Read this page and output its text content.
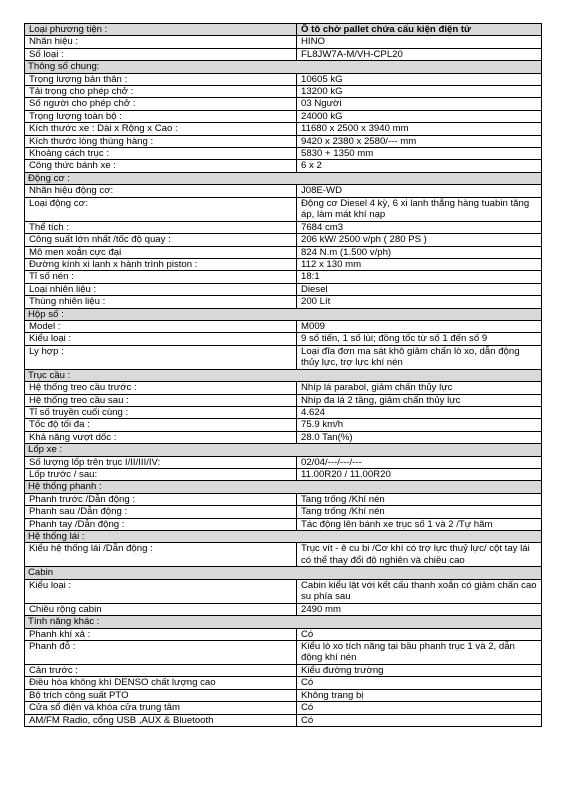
Loại phương tiện :	Ô tô chở pallet chứa cấu kiện điện tử
Nhãn hiệu :	HINO
Số loại :	FL8JW7A-M/VH-CPL20
Thông số chung:	
Trọng lượng bản thân :	10605 kG
Tải trọng cho phép chở :	13200 kG
Số người cho phép chở :	03 Người
Trọng lượng toàn bộ :	24000 kG
Kích thước xe : Dài x Rộng x Cao :	11680 x 2500 x 3940 mm
Kích thước lòng thùng hàng :	9420 x 2380 x 2580/--- mm
Khoảng cách trục :	5830 + 1350 mm
Công thức bánh xe :	6 x 2
Động cơ :	
Nhãn hiệu động cơ:	J08E-WD
Loại động cơ:	Động cơ Diesel 4 kỳ, 6 xi lanh thẳng hàng tuabin tăng áp, làm mát khí nạp
Thể tích :	7684 cm3
Công suất lớn nhất /tốc độ quay :	206 kW/ 2500 v/ph ( 280 PS )
Mô men xoắn cực đại	824 N.m (1.500 v/ph)
Đường kính xi lanh x hành trình piston :	112 x 130 mm
Tỉ số nén :	18:1
Loại nhiên liệu :	Diesel
Thùng nhiên liệu :	200 Lít
Hộp số :	
Model :	M009
Kiểu loại :	9 số tiến, 1 số lùi; đồng tốc từ số 1 đến số 9
Ly hợp :	Loại đĩa đơn ma sát khô giảm chấn lò xo, dẫn động thủy lực, trợ lực khí nén
Trục cầu :	
Hệ thống treo cầu trước :	Nhíp lá parabol, giảm chấn thủy lực
Hệ thống treo cầu sau :	Nhíp đa lá 2 tầng, giảm chấn thủy lực
Tỉ số truyền cuối cùng :	4.624
Tốc độ tối đa :	75.9 km/h
Khả năng vượt dốc :	28.0 Tan(%)
Lốp xe :	
Số lượng lốp trên trục I/II/III/IV:	02/04/---/---/---
Lốp trước / sau:	11.00R20 / 11.00R20
Hệ thống phanh :	
Phanh trước /Dẫn động :	Tang trống /Khí nén
Phanh sau /Dẫn động :	Tang trống /Khí nén
Phanh tay /Dẫn động :	Tác động lên bánh xe trục số 1 và 2 /Tự hãm
Hệ thống lái :	
Kiểu hệ thống lái /Dẫn động :	Trục vít - ê cu bi /Cơ khí có trợ lực thuỷ lực/ cột tay lái có thể thay đổi độ nghiên và chiều cao
Cabin	
Kiểu loại :	Cabin kiểu lật với kết cấu thanh xoắn có giảm chấn cao su phía sau
Chiều rộng cabin	2490 mm
Tính năng khác :	
Phanh khí xả :	Có
Phanh đỗ :	Kiểu lò xo tích năng tại bầu phanh trục 1 và 2, dẫn động khí nén
Cản trước :	Kiểu đường trường
Điều hòa không khí DENSO chất lượng cao	Có
Bộ trích công suất PTO	Không trang bị
Cửa sổ điện và khóa cửa trung tâm	Có
AM/FM Radio, cổng USB ,AUX & Bluetooth	Có
